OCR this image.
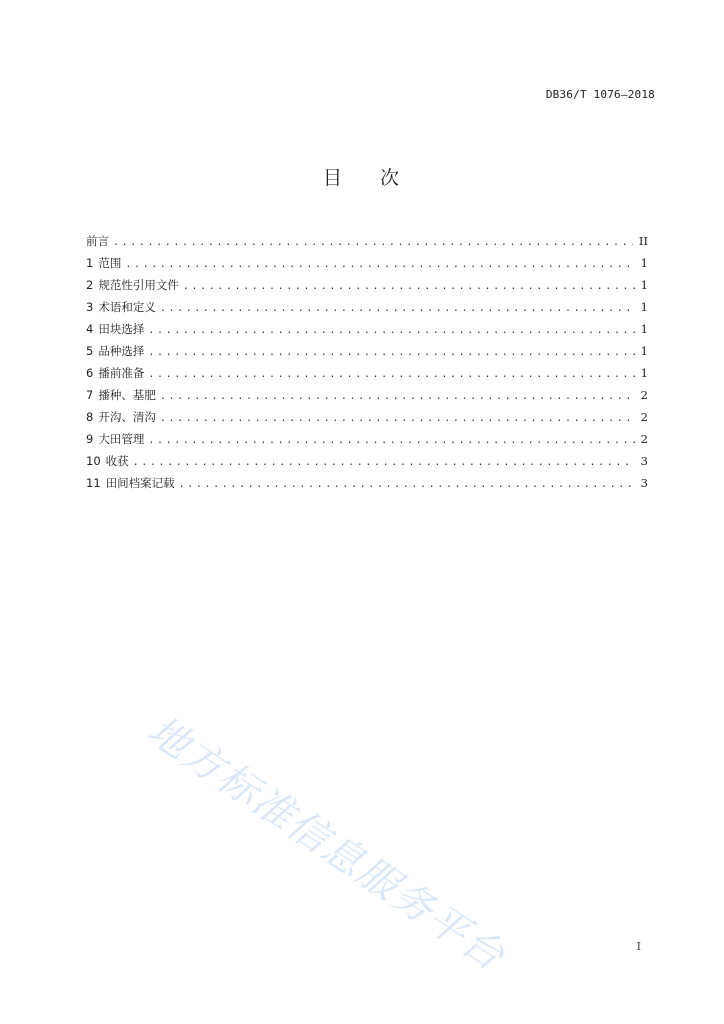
DB36/T 1076—2018
目 次
前言 .....	II
1 范围 .....	1
2 规范性引用文件 .....	1
3 术语和定义 .....	1
4 田块选择 .....	1
5 品种选择 .....	1
6 播前准备 .....	1
7 播种、基肥 .....	2
8 开沟、清沟 .....	2
9 大田管理 .....	2
10 收获 .....	3
11 田间档案记载 .....	3
地方标准信息服务平台	I
